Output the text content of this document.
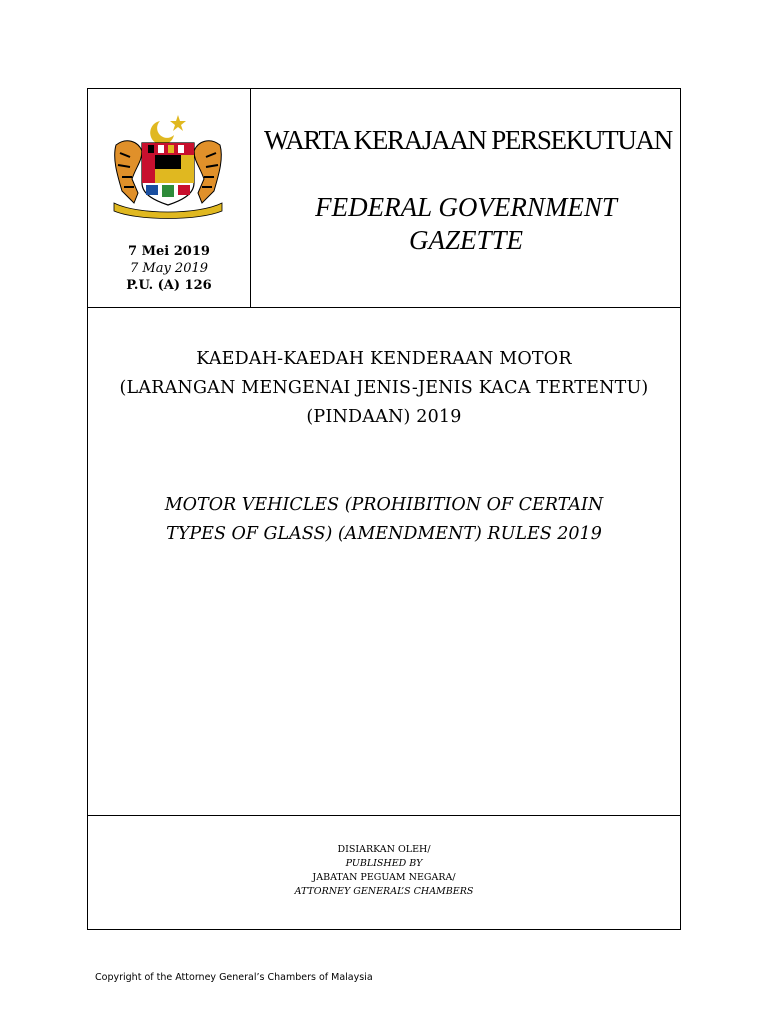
7 Mei 2019
7 May 2019
P.U. (A) 126
WARTA KERAJAAN PERSEKUTUAN
FEDERAL GOVERNMENT
GAZETTE
KAEDAH-KAEDAH KENDERAAN MOTOR
(LARANGAN MENGENAI JENIS-JENIS KACA TERTENTU)
(PINDAAN) 2019
MOTOR VEHICLES (PROHIBITION OF CERTAIN
TYPES OF GLASS) (AMENDMENT) RULES 2019
DISIARKAN OLEH/
PUBLISHED BY
JABATAN PEGUAM NEGARA/
ATTORNEY GENERAL’S CHAMBERS
Copyright of the Attorney General’s Chambers of Malaysia
